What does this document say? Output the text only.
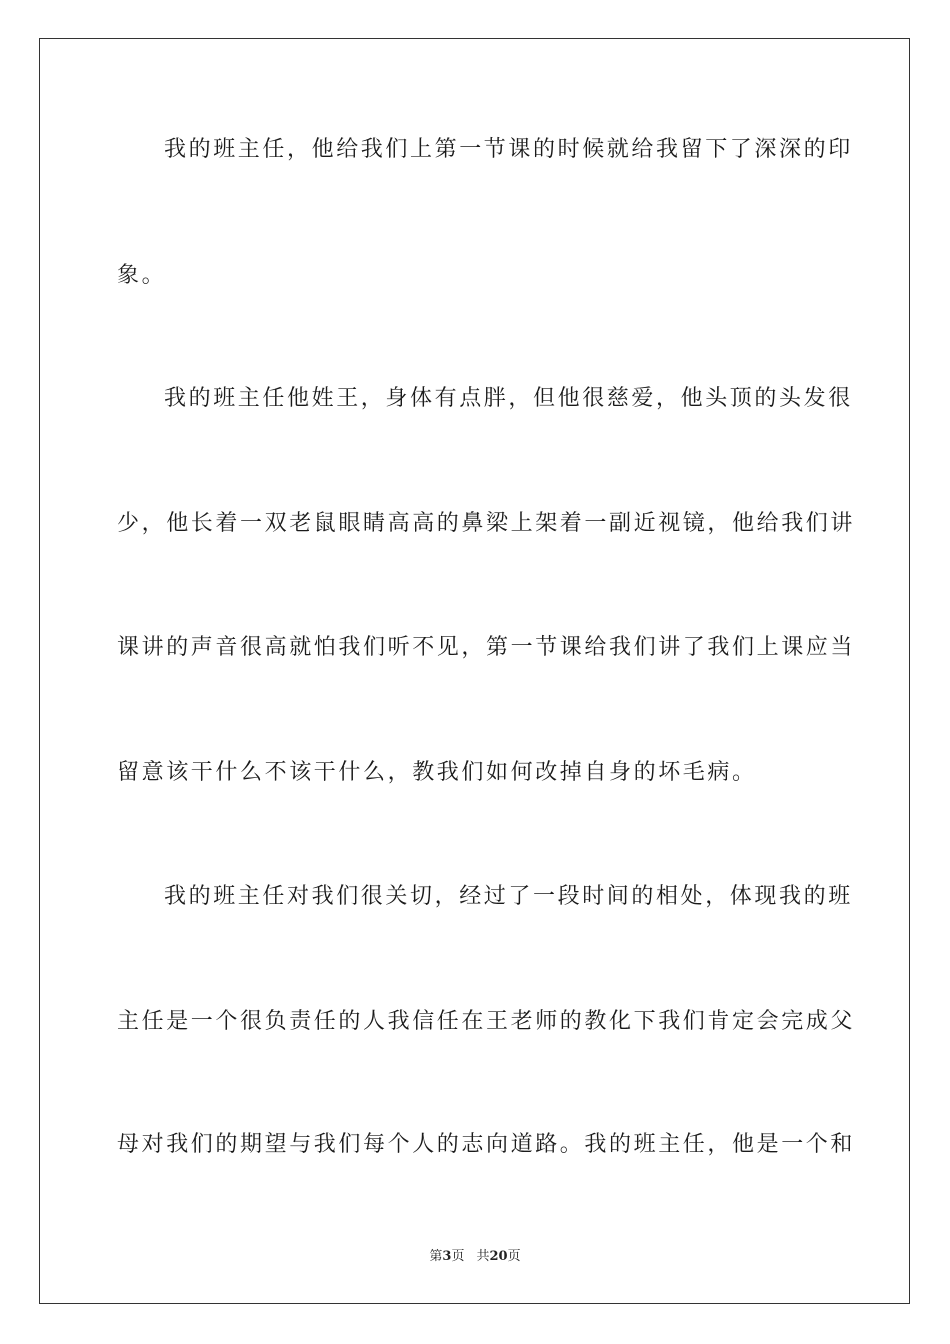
我的班主任，他给我们上第一节课的时候就给我留下了深深的印
象。
我的班主任他姓王，身体有点胖，但他很慈爱，他头顶的头发很
少，他长着一双老鼠眼睛高高的鼻梁上架着一副近视镜，他给我们讲
课讲的声音很高就怕我们听不见，第一节课给我们讲了我们上课应当
留意该干什么不该干什么，教我们如何改掉自身的坏毛病。
我的班主任对我们很关切，经过了一段时间的相处，体现我的班
主任是一个很负责任的人我信任在王老师的教化下我们肯定会完成父
母对我们的期望与我们每个人的志向道路。我的班主任，他是一个和
第3页 共20页
